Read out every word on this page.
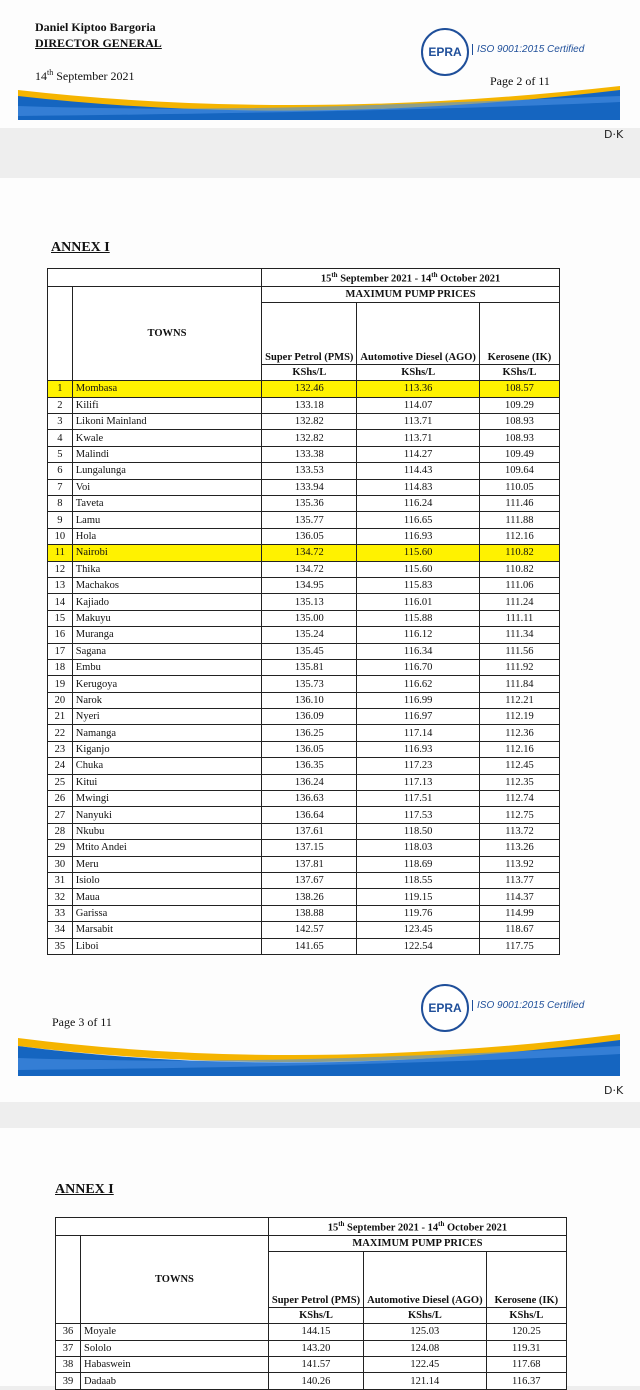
Daniel Kiptoo Bargoria
DIRECTOR GENERAL
14th September 2021
EPRA	ISO 9001:2015 Certified
Page 2 of 11
D·K
ANNEX I
		15th September 2021 - 14th October 2021		
	TOWNS	MAXIMUM PUMP PRICES		
		Super Petrol (PMS)	Automotive Diesel (AGO)	Kerosene (IK)
		KShs/L	KShs/L	KShs/L
1	Mombasa	132.46	113.36	108.57
2	Kilifi	133.18	114.07	109.29
3	Likoni Mainland	132.82	113.71	108.93
4	Kwale	132.82	113.71	108.93
5	Malindi	133.38	114.27	109.49
6	Lungalunga	133.53	114.43	109.64
7	Voi	133.94	114.83	110.05
8	Taveta	135.36	116.24	111.46
9	Lamu	135.77	116.65	111.88
10	Hola	136.05	116.93	112.16
11	Nairobi	134.72	115.60	110.82
12	Thika	134.72	115.60	110.82
13	Machakos	134.95	115.83	111.06
14	Kajiado	135.13	116.01	111.24
15	Makuyu	135.00	115.88	111.11
16	Muranga	135.24	116.12	111.34
17	Sagana	135.45	116.34	111.56
18	Embu	135.81	116.70	111.92
19	Kerugoya	135.73	116.62	111.84
20	Narok	136.10	116.99	112.21
21	Nyeri	136.09	116.97	112.19
22	Namanga	136.25	117.14	112.36
23	Kiganjo	136.05	116.93	112.16
24	Chuka	136.35	117.23	112.45
25	Kitui	136.24	117.13	112.35
26	Mwingi	136.63	117.51	112.74
27	Nanyuki	136.64	117.53	112.75
28	Nkubu	137.61	118.50	113.72
29	Mtito Andei	137.15	118.03	113.26
30	Meru	137.81	118.69	113.92
31	Isiolo	137.67	118.55	113.77
32	Maua	138.26	119.15	114.37
33	Garissa	138.88	119.76	114.99
34	Marsabit	142.57	123.45	118.67
35	Liboi	141.65	122.54	117.75
EPRA	ISO 9001:2015 Certified
Page 3 of 11
D·K
ANNEX I
		15th September 2021 - 14th October 2021		
	TOWNS	MAXIMUM PUMP PRICES		
		Super Petrol (PMS)	Automotive Diesel (AGO)	Kerosene (IK)
		KShs/L	KShs/L	KShs/L
36	Moyale	144.15	125.03	120.25
37	Sololo	143.20	124.08	119.31
38	Habaswein	141.57	122.45	117.68
39	Dadaab	140.26	121.14	116.37
